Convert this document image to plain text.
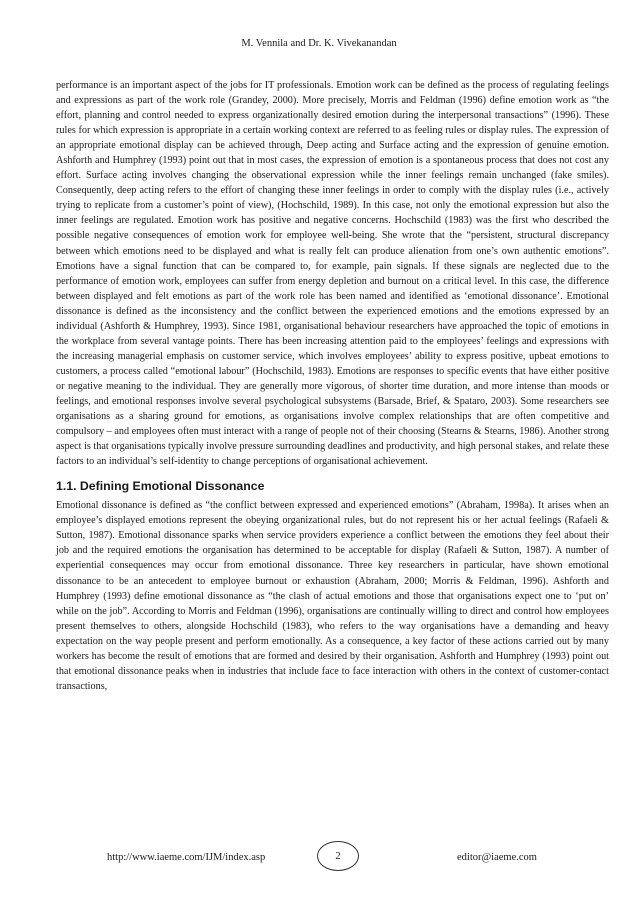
M. Vennila and Dr. K. Vivekanandan

performance is an important aspect of the jobs for IT professionals. Emotion work can be defined as the process of regulating feelings and expressions as part of the work role (Grandey, 2000). More precisely, Morris and Feldman (1996) define emotion work as “the effort, planning and control needed to express organizationally desired emotion during the interpersonal transactions” (1996). These rules for which expression is appropriate in a certain working context are referred to as feeling rules or display rules. The expression of an appropriate emotional display can be achieved through, Deep acting and Surface acting and the expression of genuine emotion. Ashforth and Humphrey (1993) point out that in most cases, the expression of emotion is a spontaneous process that does not cost any effort. Surface acting involves changing the observational expression while the inner feelings remain unchanged (fake smiles). Consequently, deep acting refers to the effort of changing these inner feelings in order to comply with the display rules (i.e., actively trying to replicate from a customer’s point of view), (Hochschild, 1989). In this case, not only the emotional expression but also the inner feelings are regulated. Emotion work has positive and negative concerns. Hochschild (1983) was the first who described the possible negative consequences of emotion work for employee well-being. She wrote that the “persistent, structural discrepancy between which emotions need to be displayed and what is really felt can produce alienation from one’s own authentic emotions”. Emotions have a signal function that can be compared to, for example, pain signals. If these signals are neglected due to the performance of emotion work, employees can suffer from energy depletion and burnout on a critical level. In this case, the difference between displayed and felt emotions as part of the work role has been named and identified as ‘emotional dissonance’. Emotional dissonance is defined as the inconsistency and the conflict between the experienced emotions and the emotions expressed by an individual (Ashforth & Humphrey, 1993). Since 1981, organisational behaviour researchers have approached the topic of emotions in the workplace from several vantage points. There has been increasing attention paid to the employees’ feelings and expressions with the increasing managerial emphasis on customer service, which involves employees’ ability to express positive, upbeat emotions to customers, a process called “emotional labour” (Hochschild, 1983). Emotions are responses to specific events that have either positive or negative meaning to the individual. They are generally more vigorous, of shorter time duration, and more intense than moods or feelings, and emotional responses involve several psychological subsystems (Barsade, Brief, & Spataro, 2003). Some researchers see organisations as a sharing ground for emotions, as organisations involve complex relationships that are often competitive and compulsory – and employees often must interact with a range of people not of their choosing (Stearns & Stearns, 1986). Another strong aspect is that organisations typically involve pressure surrounding deadlines and productivity, and high personal stakes, and relate these factors to an individual’s self-identity to change perceptions of organisational achievement.

1.1. Defining Emotional Dissonance

Emotional dissonance is defined as “the conflict between expressed and experienced emotions” (Abraham, 1998a). It arises when an employee’s displayed emotions represent the obeying organizational rules, but do not represent his or her actual feelings (Rafaeli & Sutton, 1987). Emotional dissonance sparks when service providers experience a conflict between the emotions they feel about their job and the required emotions the organisation has determined to be acceptable for display (Rafaeli & Sutton, 1987). A number of experiential consequences may occur from emotional dissonance. Three key researchers in particular, have shown emotional dissonance to be an antecedent to employee burnout or exhaustion (Abraham, 2000; Morris & Feldman, 1996). Ashforth and Humphrey (1993) define emotional dissonance as “the clash of actual emotions and those that organisations expect one to ‘put on’ while on the job”. According to Morris and Feldman (1996), organisations are continually willing to direct and control how employees present themselves to others, alongside Hochschild (1983), who refers to the way organisations have a demanding and heavy expectation on the way people present and perform emotionally. As a consequence, a key factor of these actions carried out by many workers has become the result of emotions that are formed and desired by their organisation. Ashforth and Humphrey (1993) point out that emotional dissonance peaks when in industries that include face to face interaction with others in the context of customer-contact transactions,

http://www.iaeme.com/IJM/index.asp	2	editor@iaeme.com
